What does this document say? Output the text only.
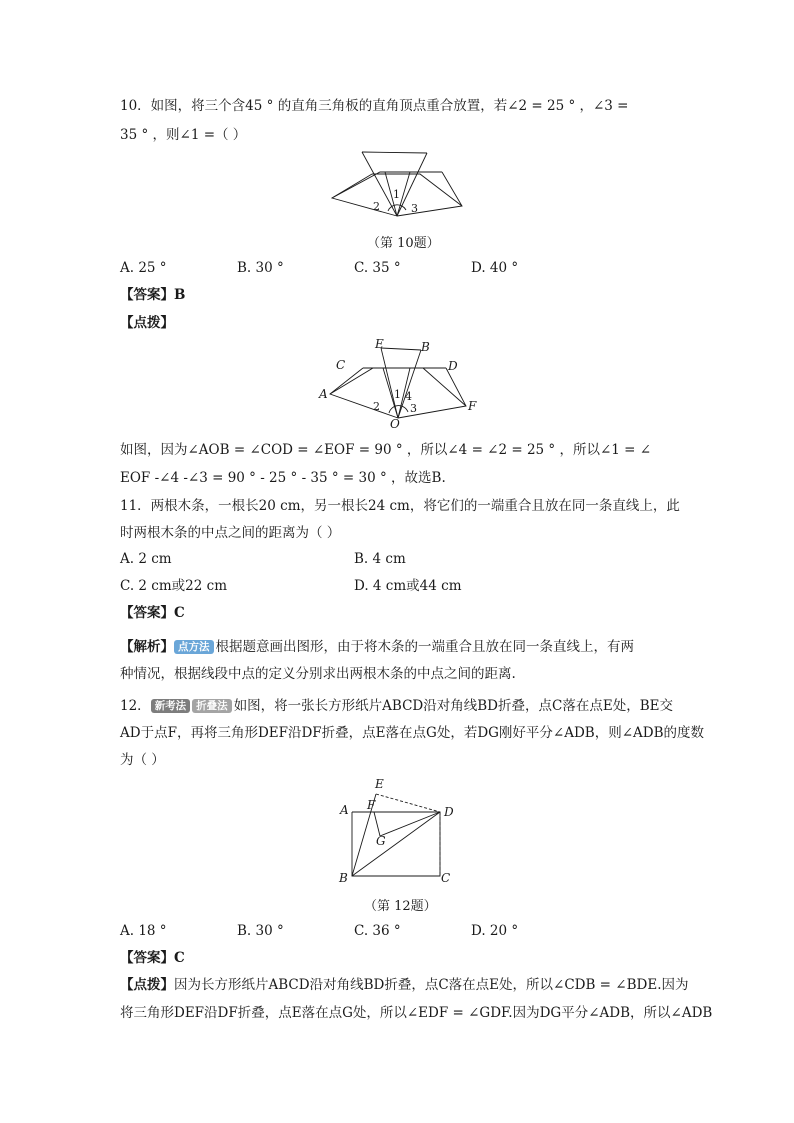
10．如图，将三个含45 ° 的直角三角板的直角顶点重合放置，若∠2 = 25 ° ，∠3 =
35 ° ，则∠1 =（ ）
1
2	3
（第 10题）
A. 25 °	B. 30 °	C. 35 °	D. 40 °
【答案】B
【点拨】
E	B
C	D
A
F
O
1
2	3
4
如图，因为∠AOB = ∠COD = ∠EOF = 90 ° ，所以∠4 = ∠2 = 25 ° ，所以∠1 = ∠
EOF -∠4 -∠3 = 90 ° - 25 ° - 35 ° = 30 ° ，故选B.
11．两根木条，一根长20 cm，另一根长24 cm，将它们的一端重合且放在同一条直线上，此
时两根木条的中点之间的距离为（ ）
A. 2 cm	B. 4 cm
C. 2 cm或22 cm	D. 4 cm或44 cm
【答案】C
【解析】 点方法 根据题意画出图形，由于将木条的一端重合且放在同一条直线上，有两
种情况，根据线段中点的定义分别求出两根木条的中点之间的距离.
12． 新考法 折叠法 如图，将一张长方形纸片ABCD沿对角线BD折叠，点C落在点E处，BE交
AD于点F，再将三角形DEF沿DF折叠，点E落在点G处，若DG刚好平分∠ADB，则∠ADB的度数
为（ ）
E
A F	D
G
B	C
（第 12题）
A. 18 °	B. 30 °	C. 36 °	D. 20 °
【答案】C
【点拨】因为长方形纸片ABCD沿对角线BD折叠，点C落在点E处，所以∠CDB = ∠BDE.因为
将三角形DEF沿DF折叠，点E落在点G处，所以∠EDF = ∠GDF.因为DG平分∠ADB，所以∠ADB
